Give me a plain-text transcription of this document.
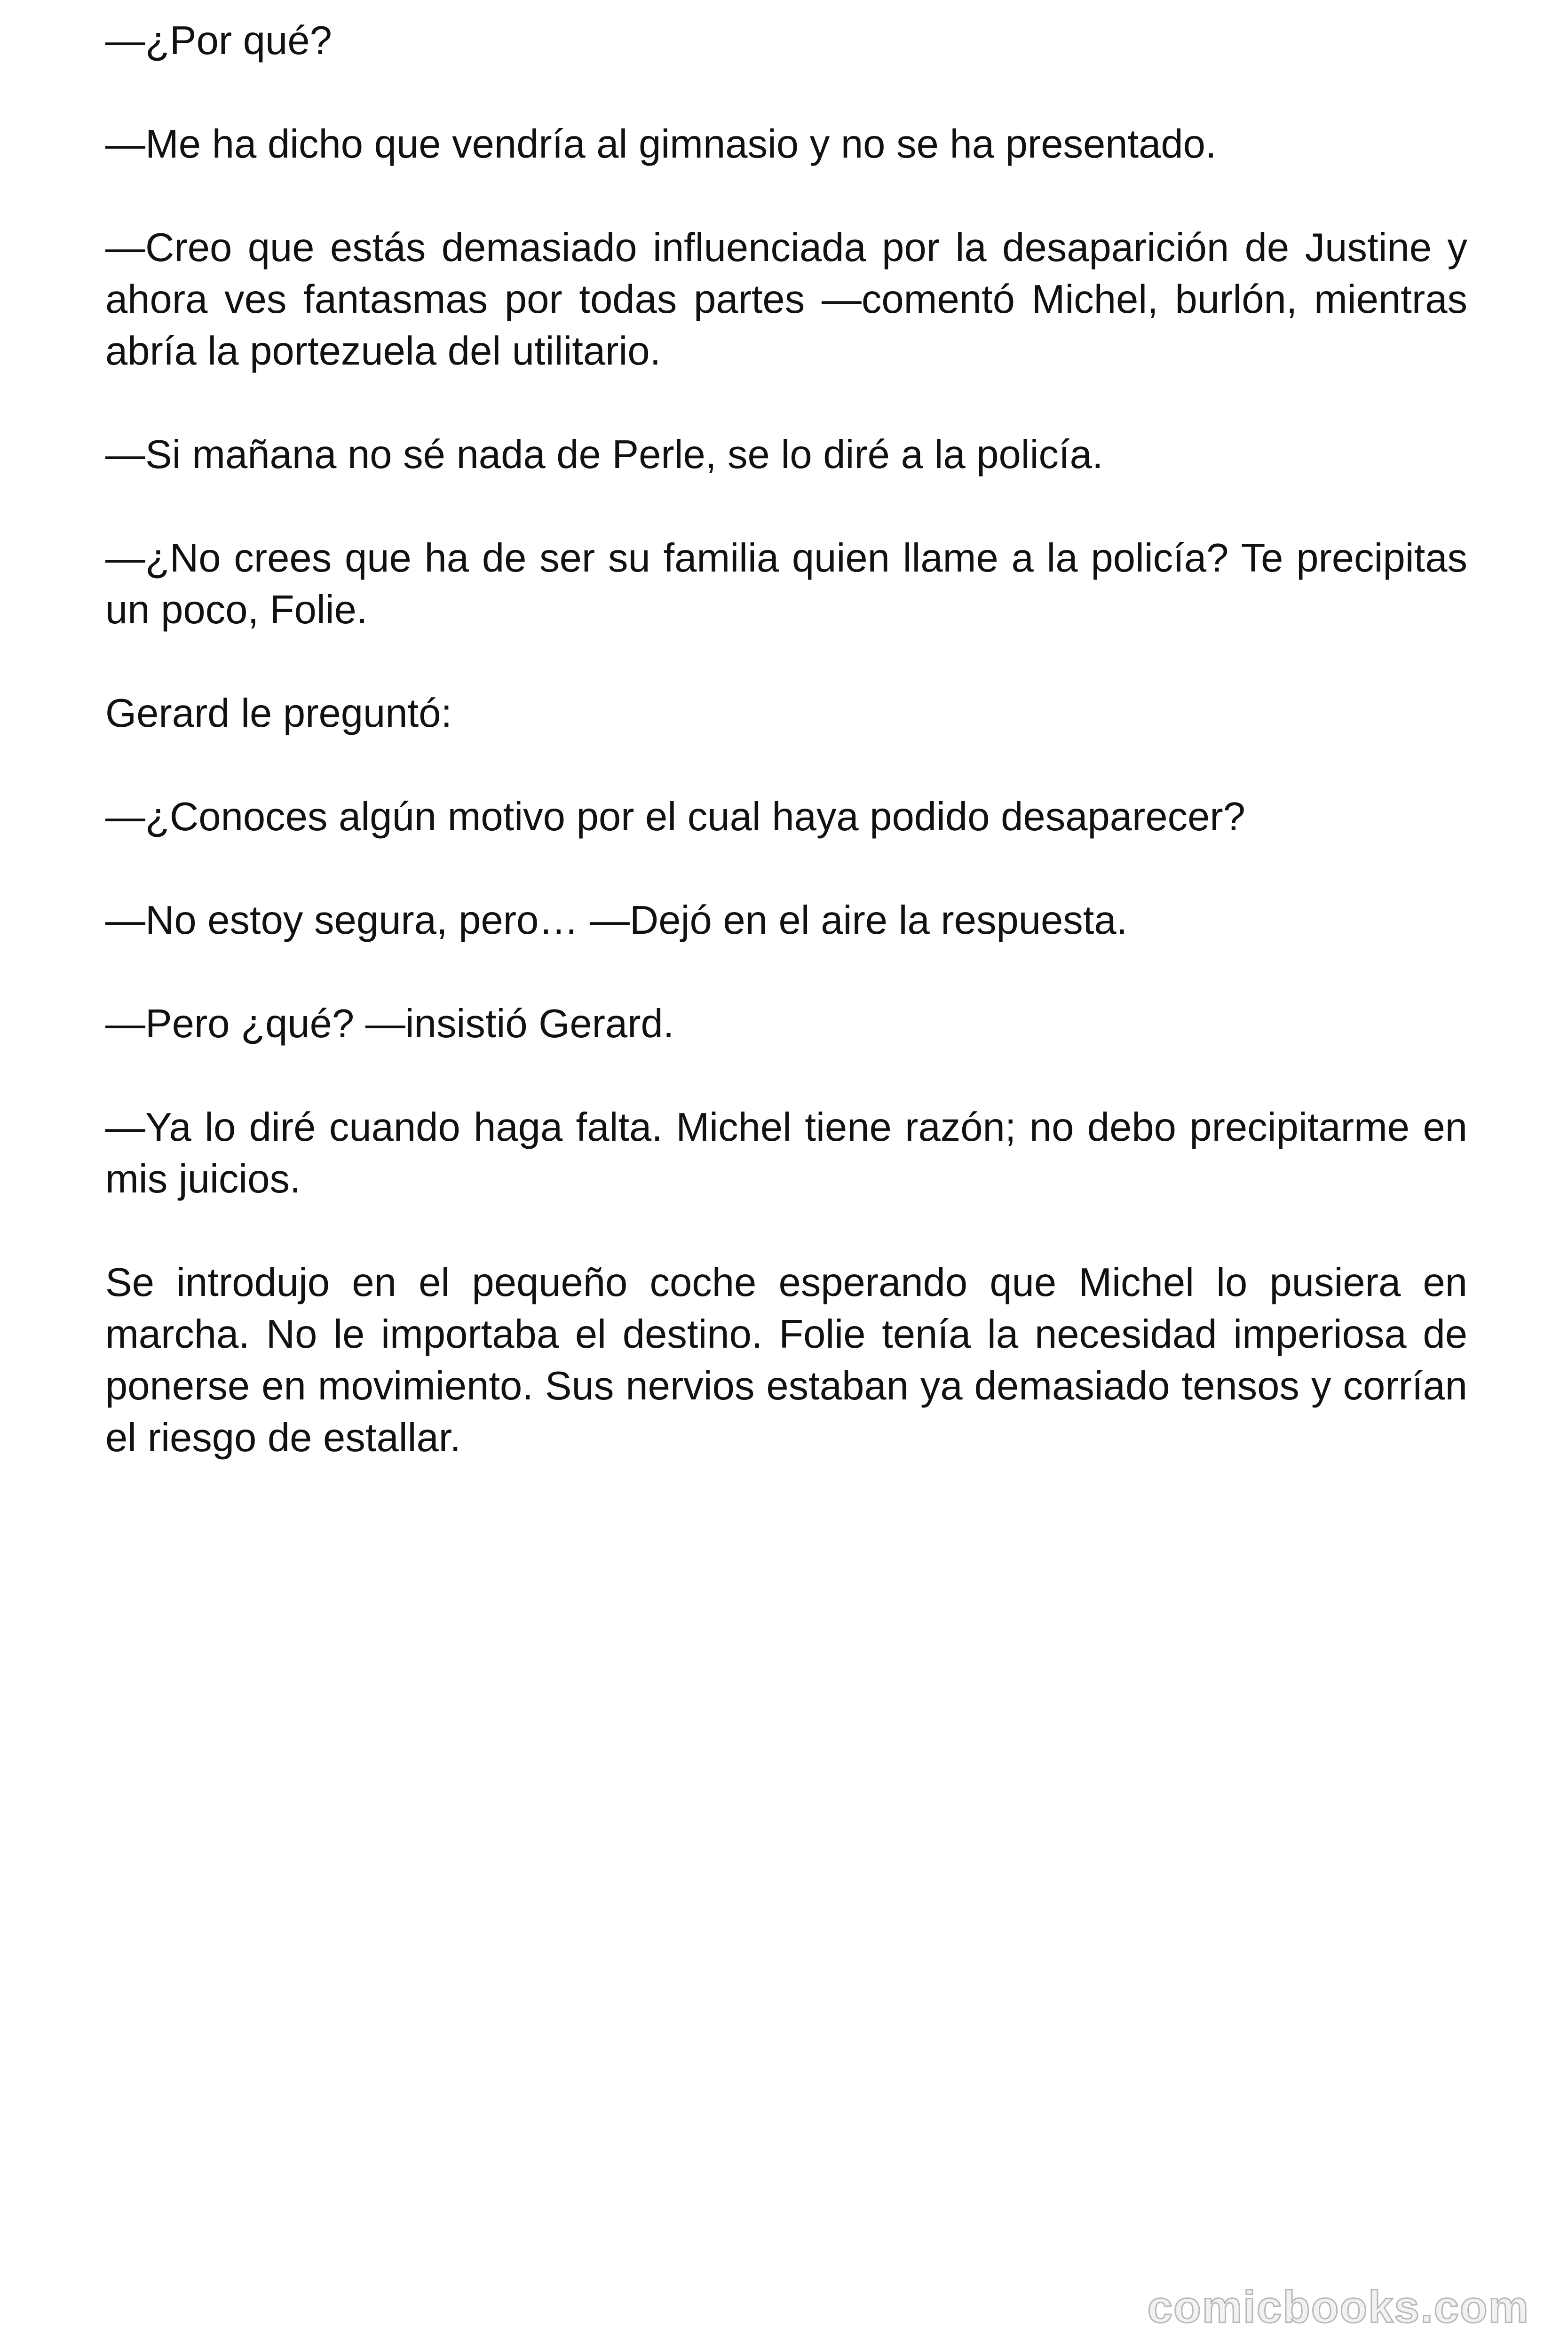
—¿Por qué?

—Me ha dicho que vendría al gimnasio y no se ha presentado.

—Creo que estás demasiado influenciada por la desaparición de Justine y ahora ves fantasmas por todas partes —comentó Michel, burlón, mientras abría la portezuela del utilitario.

—Si mañana no sé nada de Perle, se lo diré a la policía.

—¿No crees que ha de ser su familia quien llame a la policía? Te precipitas un poco, Folie.

Gerard le preguntó:

—¿Conoces algún motivo por el cual haya podido desaparecer?

—No estoy segura, pero… —Dejó en el aire la respuesta.

—Pero ¿qué? —insistió Gerard.

—Ya lo diré cuando haga falta. Michel tiene razón; no debo precipitarme en mis juicios.

Se introdujo en el pequeño coche esperando que Michel lo pusiera en marcha. No le importaba el destino. Folie tenía la necesidad imperiosa de ponerse en movimiento. Sus nervios estaban ya demasiado tensos y corrían el riesgo de estallar.

comicbooks.com
